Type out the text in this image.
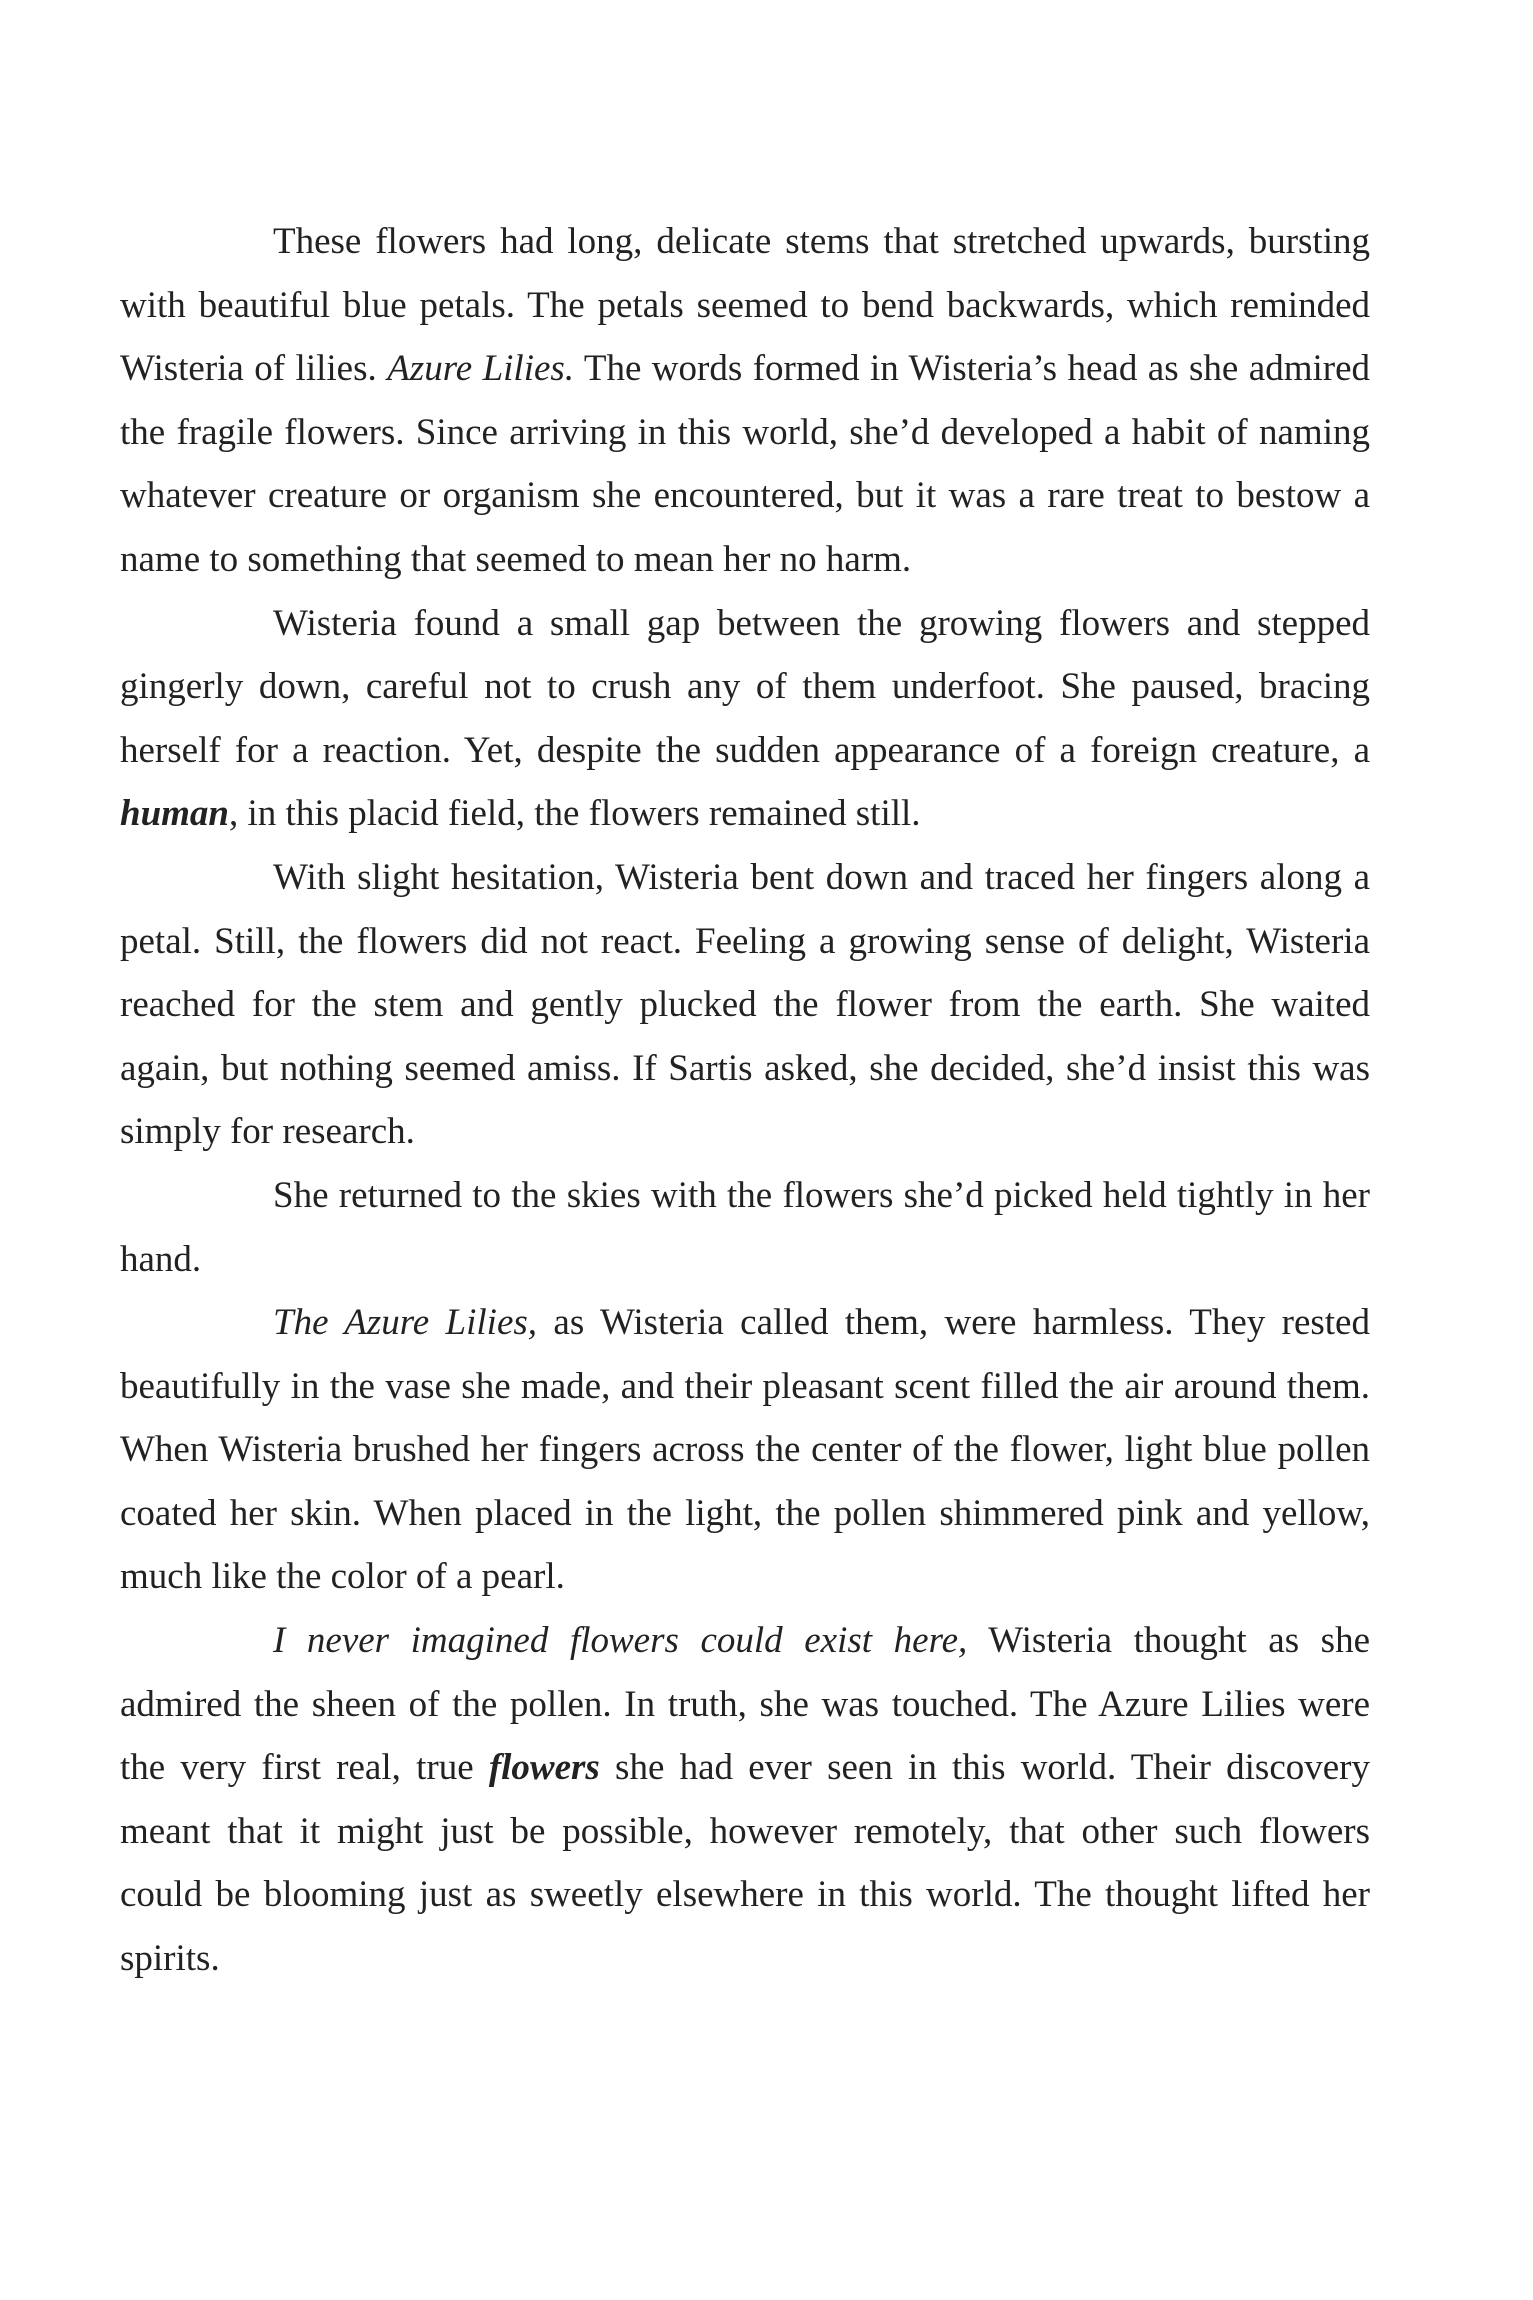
These flowers had long, delicate stems that stretched upwards, bursting with beautiful blue petals. The petals seemed to bend backwards, which reminded Wisteria of lilies. Azure Lilies. The words formed in Wisteria’s head as she admired the fragile flowers. Since arriving in this world, she’d developed a habit of naming whatever creature or organism she encountered, but it was a rare treat to bestow a name to something that seemed to mean her no harm.

Wisteria found a small gap between the growing flowers and stepped gingerly down, careful not to crush any of them underfoot. She paused, bracing herself for a reaction. Yet, despite the sudden appearance of a foreign creature, a human, in this placid field, the flowers remained still.

With slight hesitation, Wisteria bent down and traced her fingers along a petal. Still, the flowers did not react. Feeling a growing sense of delight, Wisteria reached for the stem and gently plucked the flower from the earth. She waited again, but nothing seemed amiss. If Sartis asked, she decided, she’d insist this was simply for research.

She returned to the skies with the flowers she’d picked held tightly in her hand.

The Azure Lilies, as Wisteria called them, were harmless. They rested beautifully in the vase she made, and their pleasant scent filled the air around them. When Wisteria brushed her fingers across the center of the flower, light blue pollen coated her skin. When placed in the light, the pollen shimmered pink and yellow, much like the color of a pearl.

I never imagined flowers could exist here, Wisteria thought as she admired the sheen of the pollen. In truth, she was touched. The Azure Lilies were the very first real, true flowers she had ever seen in this world. Their discovery meant that it might just be possible, however remotely, that other such flowers could be blooming just as sweetly elsewhere in this world. The thought lifted her spirits.
